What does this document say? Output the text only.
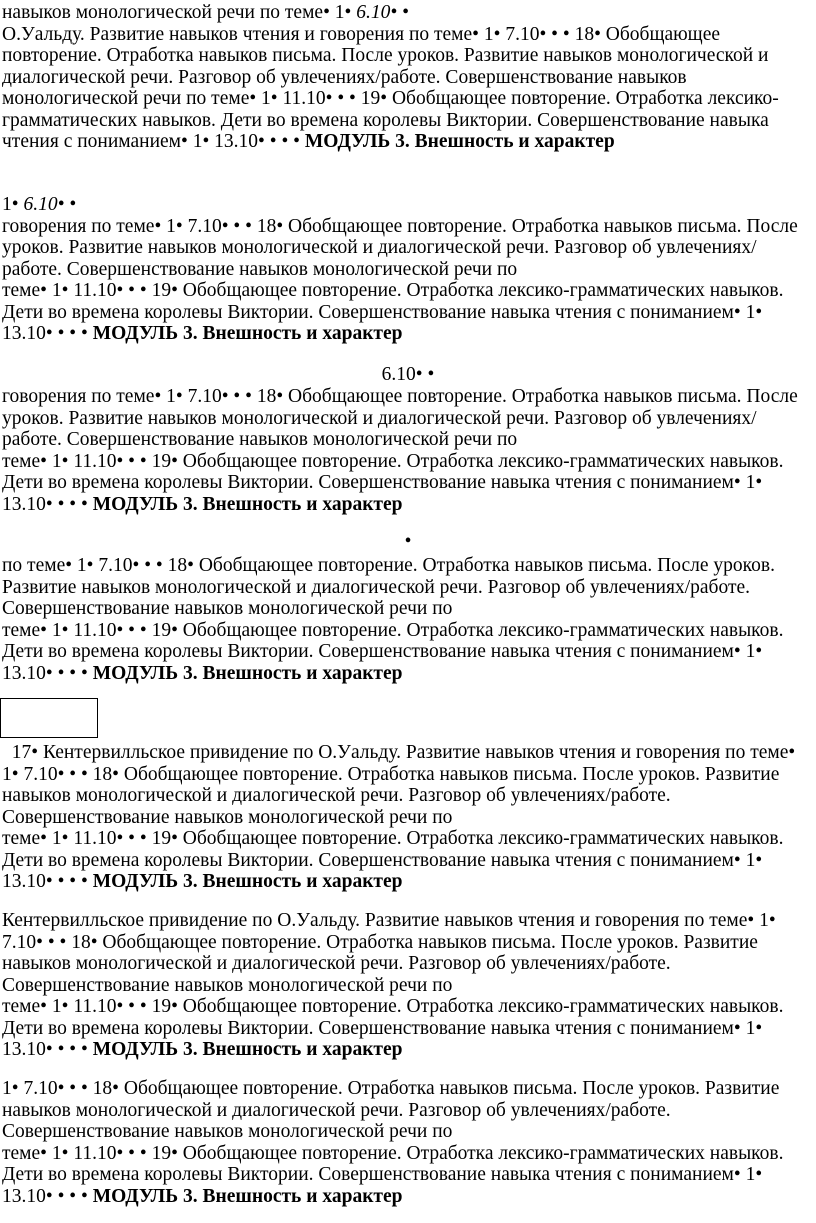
навыков монологической речи по теме• 1• 6.10• •
О.Уальду. Развитие навыков чтения и говорения по теме• 1• 7.10• • • 18• Обобщающее повторение. Отработка навыков письма. После уроков. Развитие навыков монологической и диалогической речи. Разговор об увлечениях/работе. Совершенствование навыков монологической речи по теме• 1• 11.10• • • 19• Обобщающее повторение. Отработка лексико-грамматических навыков. Дети во времена королевы Виктории. Совершенствование навыка чтения с пониманием• 1• 13.10• • • • МОДУЛЬ 3. Внешность и характер
1• 6.10• •
говорения по теме• 1• 7.10• • • 18• Обобщающее повторение. Отработка навыков письма. После уроков. Развитие навыков монологической и диалогической речи. Разговор об увлечениях/работе. Совершенствование навыков монологической речи по
теме• 1• 11.10• • • 19• Обобщающее повторение. Отработка лексико-грамматических навыков. Дети во времена королевы Виктории. Совершенствование навыка чтения с пониманием• 1• 13.10• • • • МОДУЛЬ 3. Внешность и характер
6.10• •
говорения по теме• 1• 7.10• • • 18• Обобщающее повторение. Отработка навыков письма. После уроков. Развитие навыков монологической и диалогической речи. Разговор об увлечениях/работе. Совершенствование навыков монологической речи по
теме• 1• 11.10• • • 19• Обобщающее повторение. Отработка лексико-грамматических навыков. Дети во времена королевы Виктории. Совершенствование навыка чтения с пониманием• 1• 13.10• • • • МОДУЛЬ 3. Внешность и характер
•
по теме• 1• 7.10• • • 18• Обобщающее повторение. Отработка навыков письма. После уроков. Развитие навыков монологической и диалогической речи. Разговор об увлечениях/работе. Совершенствование навыков монологической речи по
теме• 1• 11.10• • • 19• Обобщающее повторение. Отработка лексико-грамматических навыков. Дети во времена королевы Виктории. Совершенствование навыка чтения с пониманием• 1• 13.10• • • • МОДУЛЬ 3. Внешность и характер
17• Кентервилльское привидение по О.Уальду. Развитие навыков чтения и говорения по теме• 1• 7.10• • • 18• Обобщающее повторение. Отработка навыков письма. После уроков. Развитие навыков монологической и диалогической речи. Разговор об увлечениях/работе. Совершенствование навыков монологической речи по
теме• 1• 11.10• • • 19• Обобщающее повторение. Отработка лексико-грамматических навыков. Дети во времена королевы Виктории. Совершенствование навыка чтения с пониманием• 1• 13.10• • • • МОДУЛЬ 3. Внешность и характер
Кентервилльское привидение по О.Уальду. Развитие навыков чтения и говорения по теме• 1• 7.10• • • 18• Обобщающее повторение. Отработка навыков письма. После уроков. Развитие навыков монологической и диалогической речи. Разговор об увлечениях/работе. Совершенствование навыков монологической речи по
теме• 1• 11.10• • • 19• Обобщающее повторение. Отработка лексико-грамматических навыков. Дети во времена королевы Виктории. Совершенствование навыка чтения с пониманием• 1• 13.10• • • • МОДУЛЬ 3. Внешность и характер
1• 7.10• • • 18• Обобщающее повторение. Отработка навыков письма. После уроков. Развитие навыков монологической и диалогической речи. Разговор об увлечениях/работе. Совершенствование навыков монологической речи по
теме• 1• 11.10• • • 19• Обобщающее повторение. Отработка лексико-грамматических навыков. Дети во времена королевы Виктории. Совершенствование навыка чтения с пониманием• 1• 13.10• • • • МОДУЛЬ 3. Внешность и характер
